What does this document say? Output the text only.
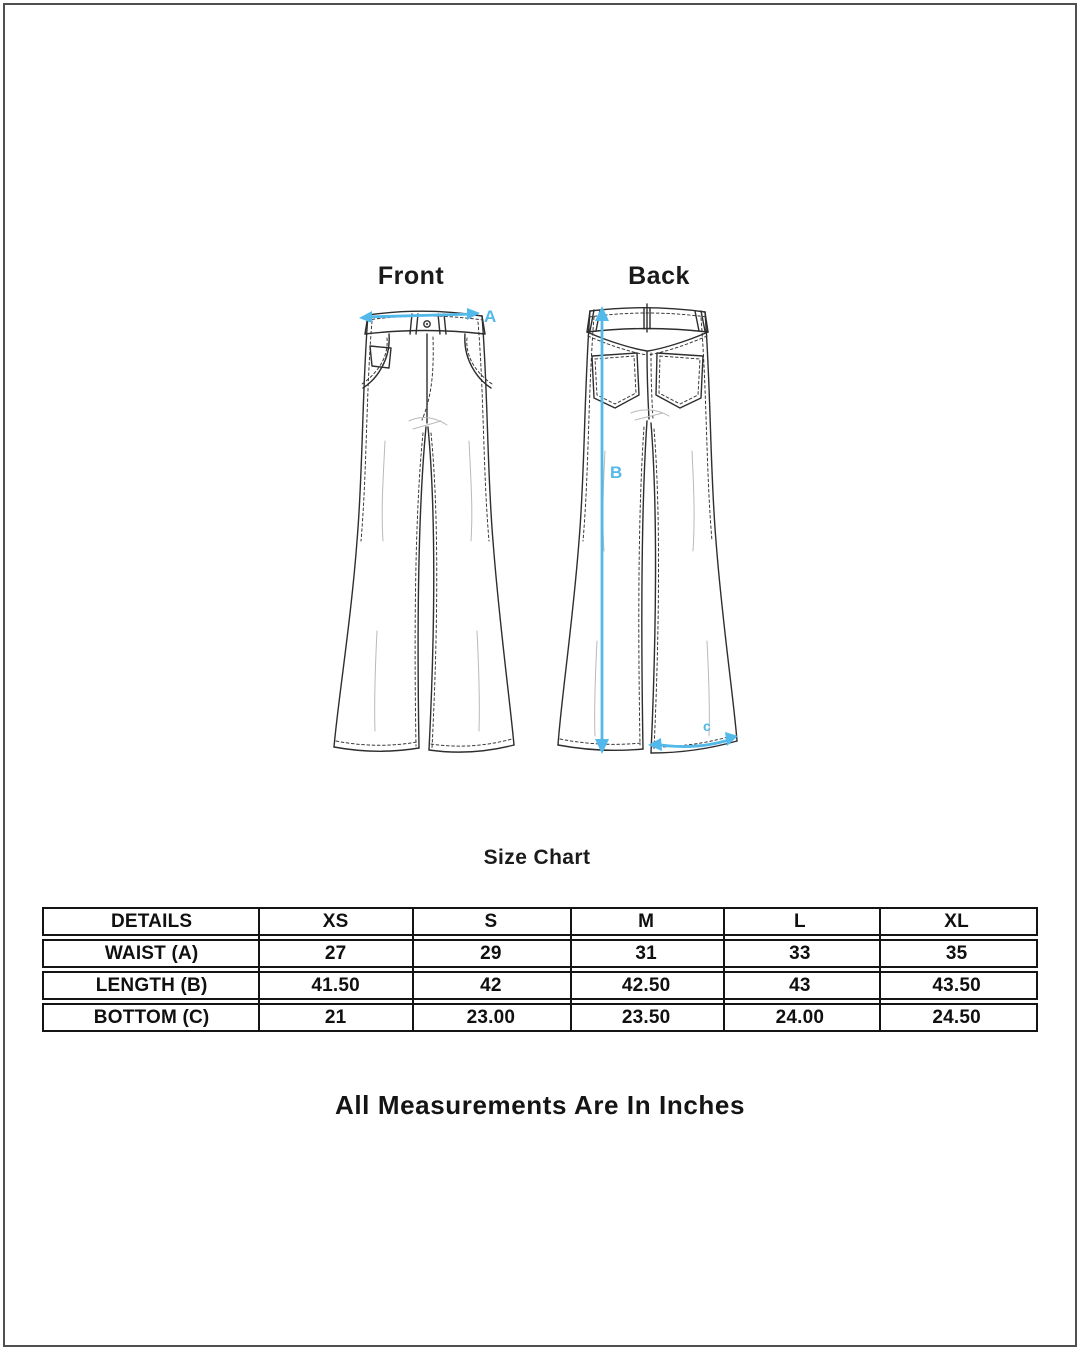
Front	Back
A
B
c
Size Chart
DETAILS	XS	S	M	L	XL
WAIST (A)	27	29	31	33	35
LENGTH (B)	41.50	42	42.50	43	43.50
BOTTOM (C)	21	23.00	23.50	24.00	24.50
All Measurements Are In Inches
